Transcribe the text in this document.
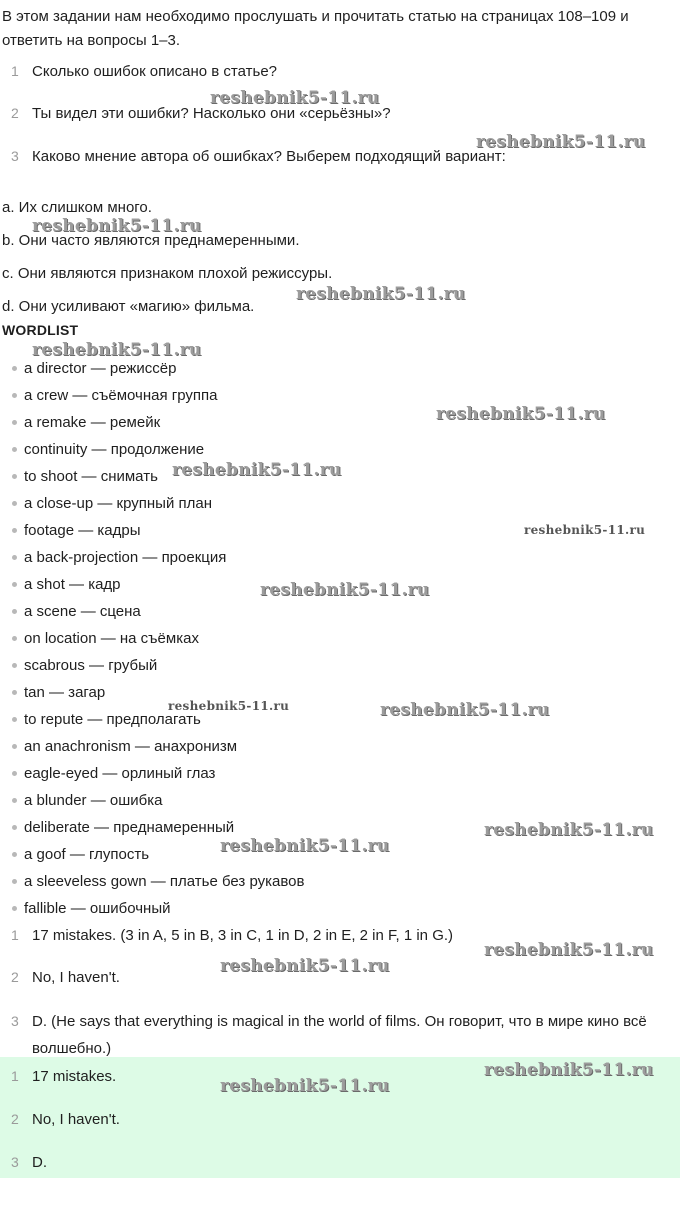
В этом задании нам необходимо прослушать и прочитать статью на страницах 108–109 и ответить на вопросы 1–3.

1 Сколько ошибок описано в статье?
2 Ты видел эти ошибки? Насколько они «серьёзны»?
3 Каково мнение автора об ошибках? Выберем подходящий вариант:
a. Их слишком много.
b. Они часто являются преднамеренными.
c. Они являются признаком плохой режиссуры.
d. Они усиливают «магию» фильма.
WORDLIST
a director — режиссёр
a crew — съёмочная группа
a remake — ремейк
continuity — продолжение
to shoot — снимать
a close-up — крупный план
footage — кадры
a back-projection — проекция
a shot — кадр
a scene — сцена
on location — на съёмках
scabrous — грубый
tan — загар
to repute — предполагать
an anachronism — анахронизм
eagle-eyed — орлиный глаз
a blunder — ошибка
deliberate — преднамеренный
a goof — глупость
a sleeveless gown — платье без рукавов
fallible — ошибочный
1 17 mistakes. (3 in A, 5 in B, 3 in C, 1 in D, 2 in E, 2 in F, 1 in G.)
2 No, I haven't.
3 D. (He says that everything is magical in the world of films. Он говорит, что в мире кино всё волшебно.)
1 17 mistakes.
2 No, I haven't.
3 D.
reshebnik5-11.ru
reshebnik5-11.ru
reshebnik5-11.ru
reshebnik5-11.ru
reshebnik5-11.ru
reshebnik5-11.ru
reshebnik5-11.ru
reshebnik5-11.ru
reshebnik5-11.ru
reshebnik5-11.ru	reshebnik5-11.ru
reshebnik5-11.ru
reshebnik5-11.ru
reshebnik5-11.ru
reshebnik5-11.ru
reshebnik5-11.ru
reshebnik5-11.ru
